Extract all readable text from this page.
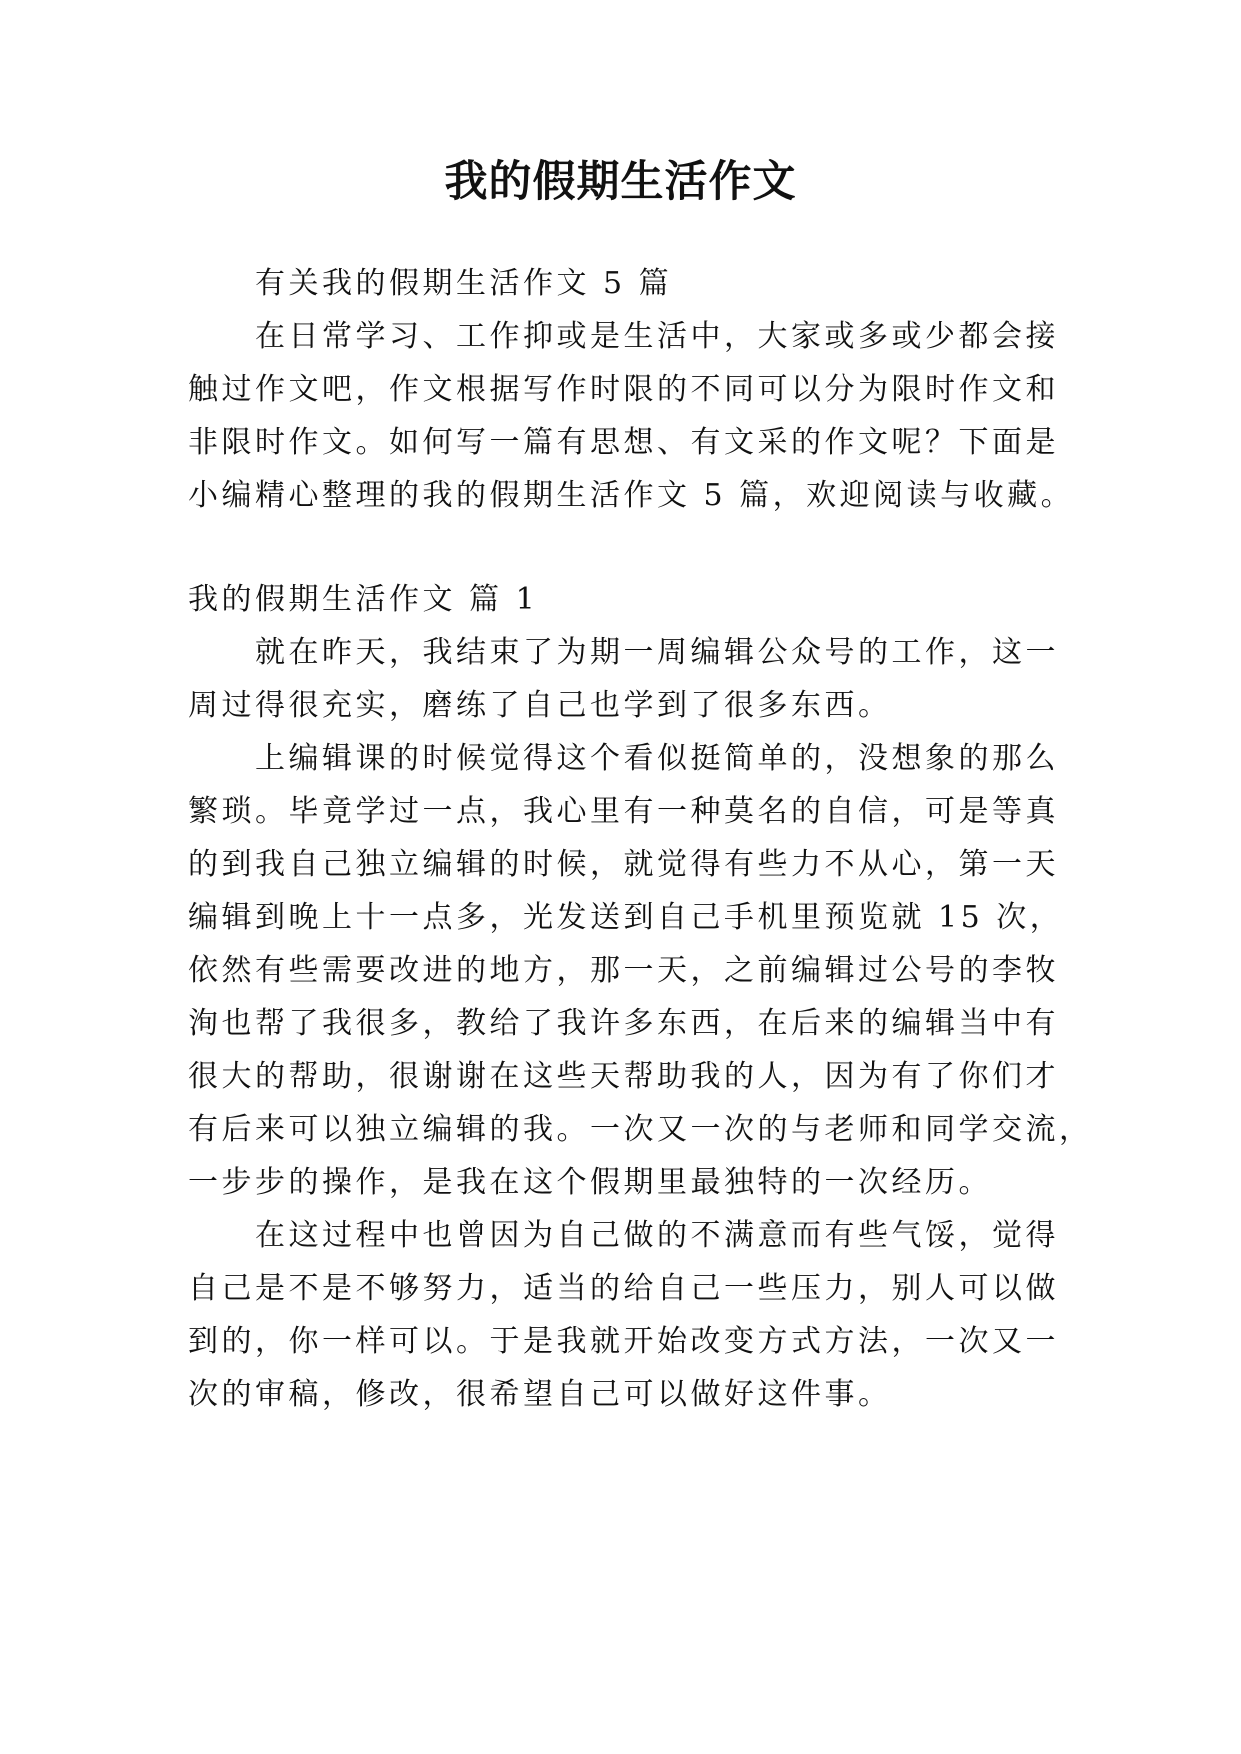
我的假期生活作文

有关我的假期生活作文 5 篇

在日常学习、工作抑或是生活中，大家或多或少都会接

触过作文吧，作文根据写作时限的不同可以分为限时作文和

非限时作文。如何写一篇有思想、有文采的作文呢？下面是

小编精心整理的我的假期生活作文 5 篇，欢迎阅读与收藏。

我的假期生活作文 篇 1

就在昨天，我结束了为期一周编辑公众号的工作，这一

周过得很充实，磨练了自己也学到了很多东西。

上编辑课的时候觉得这个看似挺简单的，没想象的那么

繁琐。毕竟学过一点，我心里有一种莫名的自信，可是等真

的到我自己独立编辑的时候，就觉得有些力不从心，第一天

编辑到晚上十一点多，光发送到自己手机里预览就 15 次，

依然有些需要改进的地方，那一天，之前编辑过公号的李牧

洵也帮了我很多，教给了我许多东西，在后来的编辑当中有

很大的帮助，很谢谢在这些天帮助我的人，因为有了你们才

有后来可以独立编辑的我。一次又一次的与老师和同学交流，

一步步的操作，是我在这个假期里最独特的一次经历。

在这过程中也曾因为自己做的不满意而有些气馁，觉得

自己是不是不够努力，适当的给自己一些压力，别人可以做

到的，你一样可以。于是我就开始改变方式方法，一次又一

次的审稿，修改，很希望自己可以做好这件事。
